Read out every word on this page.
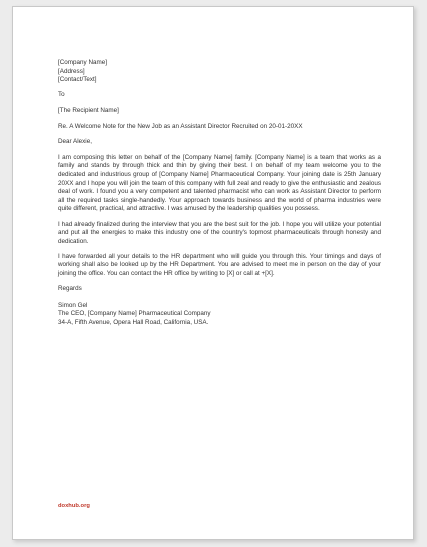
[Company Name]
[Address]
[Contact/Text]

To

[The Recipient Name]

Re. A Welcome Note for the New Job as an Assistant Director Recruited on 20-01-20XX

Dear Alexie,

I am composing this letter on behalf of the [Company Name] family. [Company Name] is a team that works as a family and stands by through thick and thin by giving their best. I on behalf of my team welcome you to the dedicated and industrious group of [Company Name] Pharmaceutical Company. Your joining date is 25th January 20XX and I hope you will join the team of this company with full zeal and ready to give the enthusiastic and zealous deal of work. I found you a very competent and talented pharmacist who can work as Assistant Director to perform all the required tasks single-handedly. Your approach towards business and the world of pharma industries were quite different, practical, and attractive. I was amused by the leadership qualities you possess.

I had already finalized during the interview that you are the best suit for the job. I hope you will utilize your potential and put all the energies to make this industry one of the country's topmost pharmaceuticals through honesty and dedication.

I have forwarded all your details to the HR department who will guide you through this. Your timings and days of working shall also be looked up by the HR Department. You are advised to meet me in person on the day of your joining the office. You can contact the HR office by writing to [X] or call at +[X].

Regards

Simon Gel
The CEO, [Company Name] Pharmaceutical Company
34-A, Fifth Avenue, Opera Hall Road, California, USA.

doxhub.org
